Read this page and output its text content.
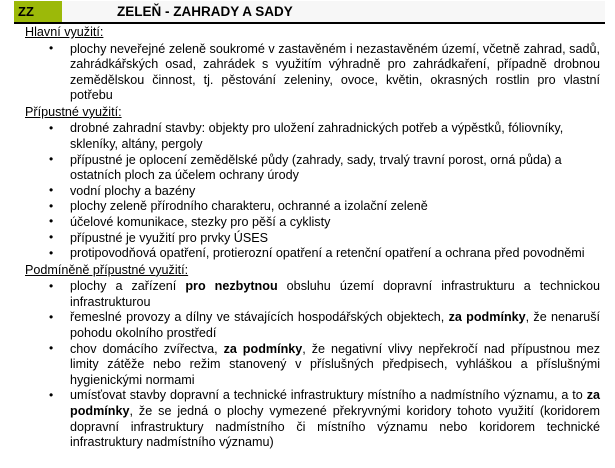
ZZ	ZELEŇ - ZAHRADY A SADY
Hlavní využití:
• plochy neveřejné zeleně soukromé v zastavěném i nezastavěném území, včetně zahrad, sadů, zahrádkářských osad, zahrádek s využitím výhradně pro zahrádkaření, případně drobnou zemědělskou činnost, tj. pěstování zeleniny, ovoce, květin, okrasných rostlin pro vlastní potřebu
Přípustné využití:
• drobné zahradní stavby: objekty pro uložení zahradnických potřeb a výpěstků, fóliovníky, skleníky, altány, pergoly
• přípustné je oplocení zemědělské půdy (zahrady, sady, trvalý travní porost, orná půda) a ostatních ploch za účelem ochrany úrody
• vodní plochy a bazény
• plochy zeleně přírodního charakteru, ochranné a izolační zeleně
• účelové komunikace, stezky pro pěší a cyklisty
• přípustné je využití pro prvky ÚSES
• protipovodňová opatření, protierozní opatření a retenční opatření a ochrana před povodněmi
Podmíněně přípustné využití:
• plochy a zařízení pro nezbytnou obsluhu území dopravní infrastrukturu a technickou infrastrukturou
• řemeslné provozy a dílny ve stávajících hospodářských objektech, za podmínky, že nenaruší pohodu okolního prostředí
• chov domácího zvířectva, za podmínky, že negativní vlivy nepřekročí nad přípustnou mez limity zátěže nebo režim stanovený v příslušných předpisech, vyhláškou a příslušnými hygienickými normami
• umísťovat stavby dopravní a technické infrastruktury místního a nadmístního významu, a to za podmínky, že se jedná o plochy vymezené překryvnými koridory tohoto využití (koridorem dopravní infrastruktury nadmístního či místního významu nebo koridorem technické infrastruktury nadmístního významu)
